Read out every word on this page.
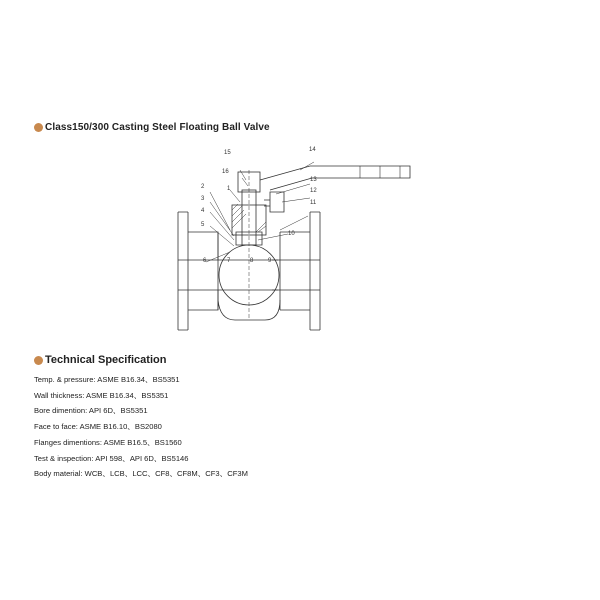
Class150/300 Casting Steel Floating Ball Valve
1
2
3
4
5
6	7	8 9
10
11
12
13
14
15
16
Technical Specification
Temp. & pressure: ASME B16.34、BS5351
Wall thickness: ASME B16.34、BS5351
Bore dimention: API 6D、BS5351
Face to face: ASME B16.10、BS2080
Flanges dimentions: ASME B16.5、BS1560
Test & inspection: API 598、API 6D、BS5146
Body material: WCB、LCB、LCC、CF8、CF8M、CF3、CF3M
